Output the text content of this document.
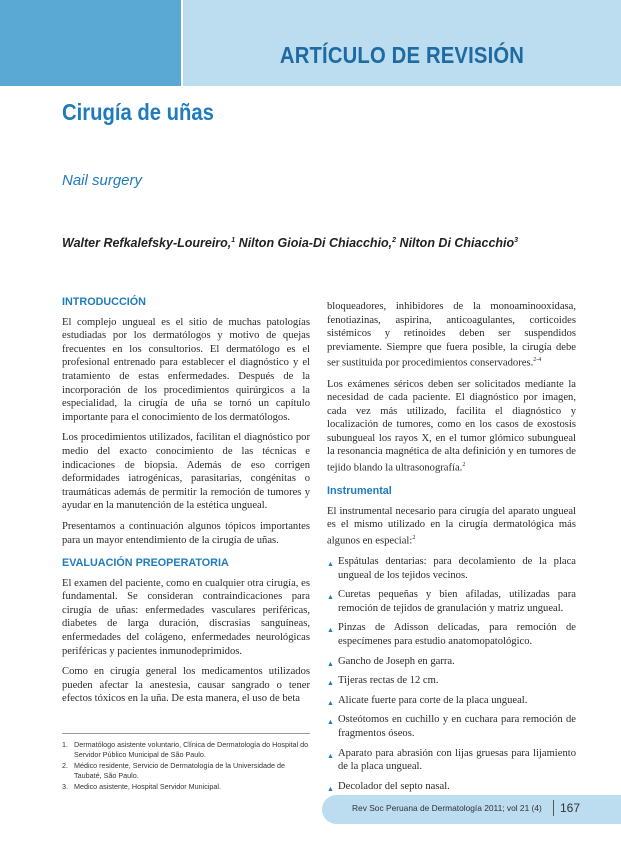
ARTÍCULO DE REVISIÓN
Cirugía de uñas
Nail surgery
Walter Refkalefsky-Loureiro,$^1$ Nilton Gioia-Di Chiacchio,$^2$ Nilton Di Chiacchio$^3$
INTRODUCCIÓN

El complejo ungueal es el sitio de muchas patologías estudiadas por los dermatólogos y motivo de quejas frecuentes en los consultorios. El dermatólogo es el profesional entrenado para establecer el diagnóstico y el tratamiento de estas enfermedades. Después de la incorporación de los procedimientos quirúrgicos a la especialidad, la cirugía de uña se tornó un capítulo importante para el conocimiento de los dermatólogos.

Los procedimientos utilizados, facilitan el diagnóstico por medio del exacto conocimiento de las técnicas e indicaciones de biopsia. Además de eso corrigen deformidades iatrogénicas, parasitarias, congénitas o traumáticas además de permitir la remoción de tumores y ayudar en la manutención de la estética ungueal.

Presentamos a continuación algunos tópicos importantes para un mayor entendimiento de la cirugía de uñas.

EVALUACIÓN PREOPERATORIA

El examen del paciente, como en cualquier otra cirugía, es fundamental. Se consideran contraindicaciones para cirugía de uñas: enfermedades vasculares periféricas, diabetes de larga duración, discrasias sanguíneas, enfermedades del colágeno, enfermedades neurológicas periféricas y pacientes inmunodeprimidos.

Como en cirugía general los medicamentos utilizados pueden afectar la anestesia, causar sangrado o tener efectos tóxicos en la uña. De esta manera, el uso de beta

bloqueadores, inhibidores de la monoaminooxidasa, fenotiazinas, aspirina, anticoagulantes, corticoides sistémicos y retinoides deben ser suspendidos previamente. Siempre que fuera posible, la cirugía debe ser sustituida por procedimientos conservadores.$^{2-4}$

Los exámenes séricos deben ser solicitados mediante la necesidad de cada paciente. El diagnóstico por imagen, cada vez más utilizado, facilita el diagnóstico y localización de tumores, como en los casos de exostosis subungueal los rayos X, en el tumor glómico subungueal la resonancia magnética de alta definición y en tumores de tejido blando la ultrasonografía.$^2$

Instrumental

El instrumental necesario para cirugía del aparato ungueal es el mismo utilizado en la cirugía dermatológica más algunos en especial:$^2$

▲ Espátulas dentarias: para decolamiento de la placa ungueal de los tejidos vecinos.
▲ Curetas pequeñas y bien afiladas, utilizadas para remoción de tejidos de granulación y matriz ungueal.
▲ Pinzas de Adisson delicadas, para remoción de especímenes para estudio anatomopatológico.
▲ Gancho de Joseph en garra.
▲ Tijeras rectas de 12 cm.
▲ Alicate fuerte para corte de la placa ungueal.
▲ Osteótomos en cuchillo y en cuchara para remoción de fragmentos óseos.
▲ Aparato para abrasión con lijas gruesas para lijamiento de la placa ungueal.
▲ Decolador del septo nasal.
1. Dermatólogo asistente voluntario, Clínica de Dermatología do Hospital do Servidor Público Municipal de São Paulo.
2. Médico residente, Servicio de Dermatología de la Universidade de Taubaté, São Paulo.
3. Medico asistente, Hospital Servidor Municipal.
Rev Soc Peruana de Dermatología 2011; vol 21 (4) 167
